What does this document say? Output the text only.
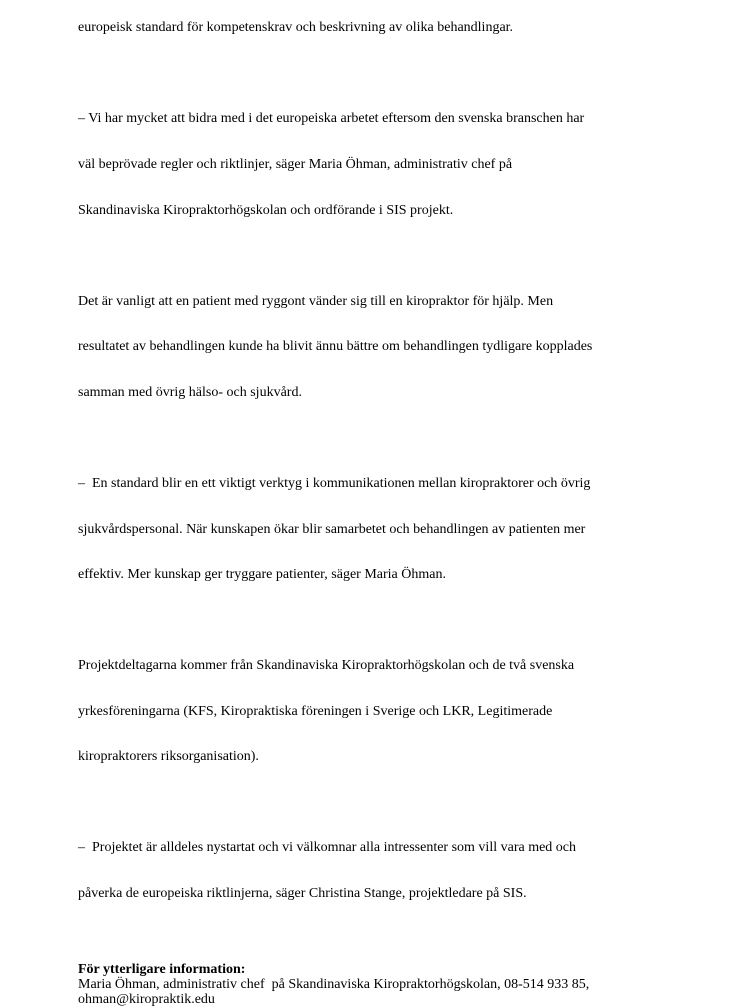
europeisk standard för kompetenskrav och beskrivning av olika behandlingar.

– Vi har mycket att bidra med i det europeiska arbetet eftersom den svenska branschen har

väl beprövade regler och riktlinjer, säger Maria Öhman, administrativ chef på

Skandinaviska Kiropraktorhögskolan och ordförande i SIS projekt.

Det är vanligt att en patient med ryggont vänder sig till en kiropraktor för hjälp. Men

resultatet av behandlingen kunde ha blivit ännu bättre om behandlingen tydligare kopplades

samman med övrig hälso- och sjukvård.

–  En standard blir en ett viktigt verktyg i kommunikationen mellan kiropraktorer och övrig

sjukvårdspersonal. När kunskapen ökar blir samarbetet och behandlingen av patienten mer

effektiv. Mer kunskap ger tryggare patienter, säger Maria Öhman.

Projektdeltagarna kommer från Skandinaviska Kiropraktorhögskolan och de två svenska

yrkesföreningarna (KFS, Kiropraktiska föreningen i Sverige och LKR, Legitimerade

kiropraktorers riksorganisation).

–  Projektet är alldeles nystartat och vi välkomnar alla intressenter som vill vara med och

påverka de europeiska riktlinjerna, säger Christina Stange, projektledare på SIS.

För ytterligare information:
Maria Öhman, administrativ chef  på Skandinaviska Kiropraktorhögskolan, 08-514 933 85,
ohman@kiropraktik.edu
